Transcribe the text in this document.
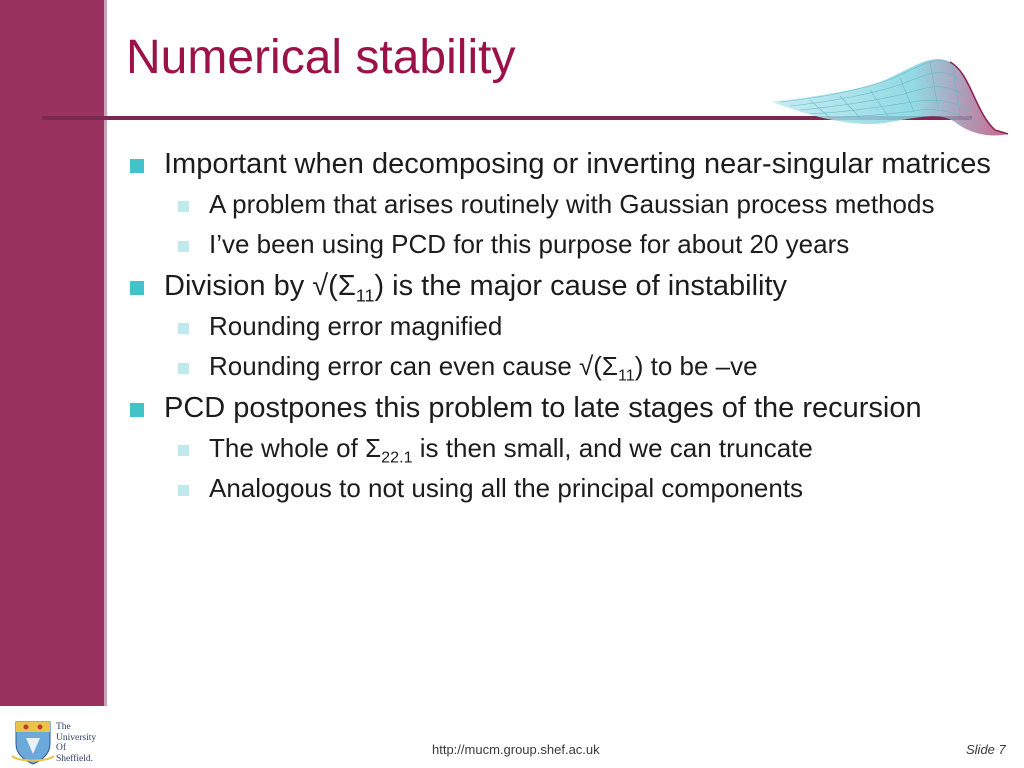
Numerical stability
Important when decomposing or inverting near-singular matrices
A problem that arises routinely with Gaussian process methods
I’ve been using PCD for this purpose for about 20 years
Division by $√(\Sigma_{11})$ is the major cause of instability
Rounding error magnified
Rounding error can even cause $√(\Sigma_{11})$ to be –ve
PCD postpones this problem to late stages of the recursion
The whole of $\Sigma_{22.1}$ is then small, and we can truncate
Analogous to not using all the principal components
The
University
Of
Sheffield.
http://mucm.group.shef.ac.uk	Slide 7
